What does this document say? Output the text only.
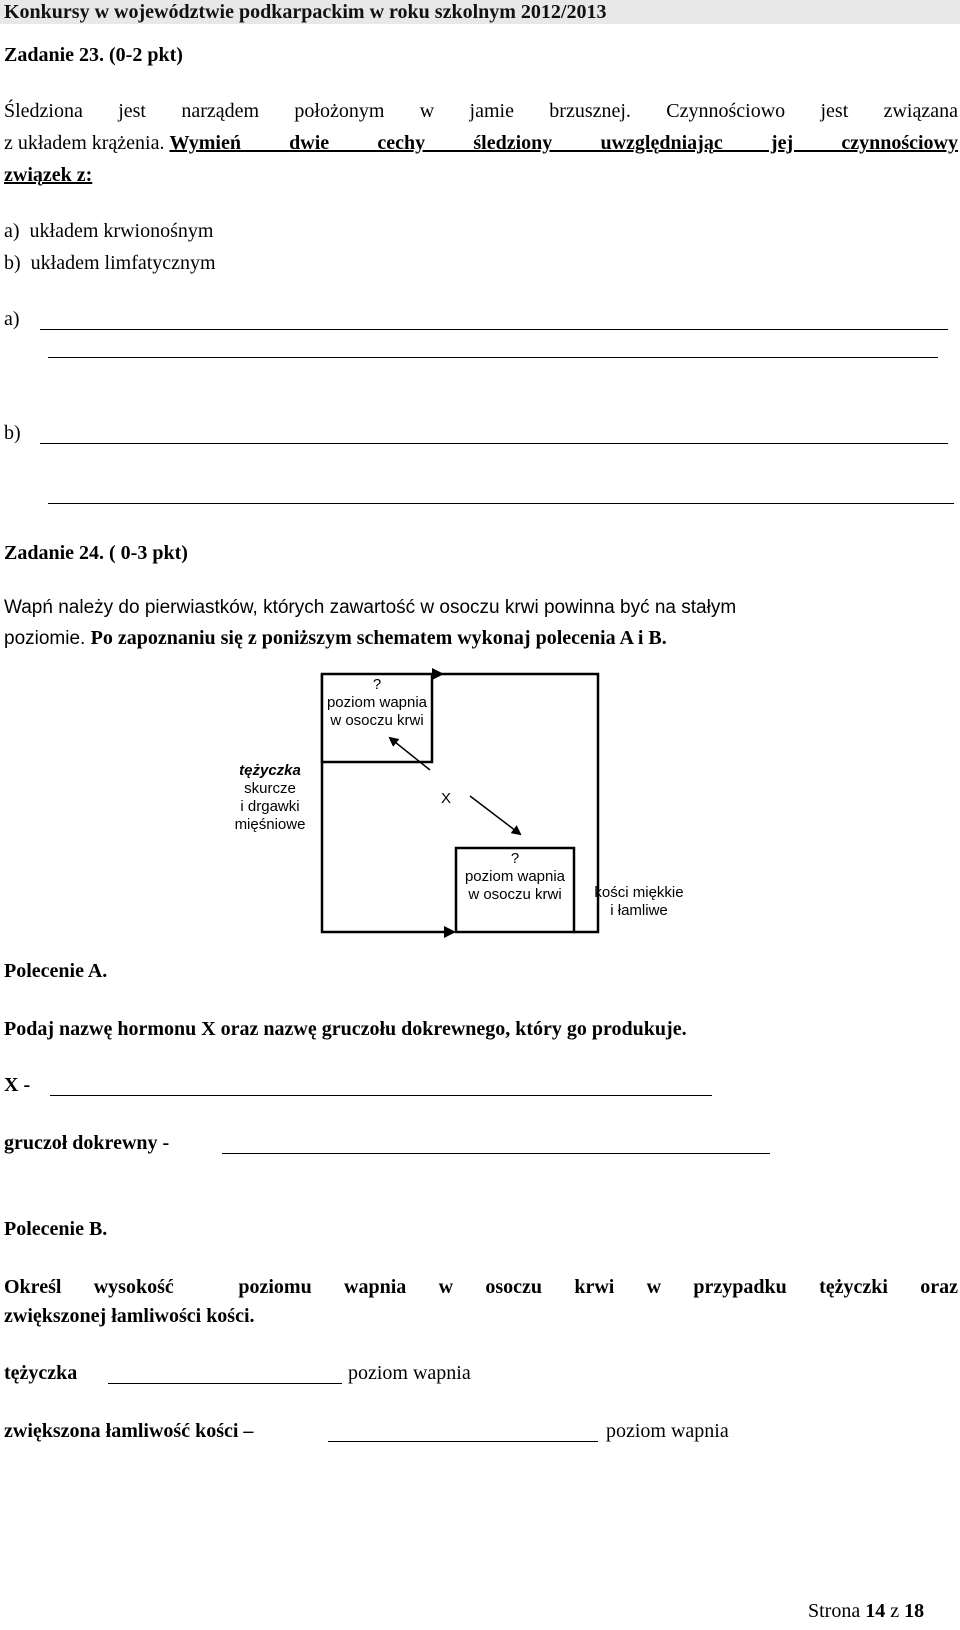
Konkursy w województwie podkarpackim w roku szkolnym 2012/2013
Zadanie 23. (0-2 pkt)
Śledziona jest narządem położonym w jamie brzusznej. Czynnościowo jest związana
z układem krążenia. Wymień dwie cechy śledziony uwzględniając jej czynnościowy
związek z:
a)  układem krwionośnym
b)  układem limfatycznym
a)
b)
Zadanie 24. ( 0-3 pkt)
Wapń należy do pierwiastków, których zawartość w osoczu krwi powinna być na stałym
poziomie. Po zapoznaniu się z poniższym schematem wykonaj polecenia A i B.
?
poziom wapnia
w osoczu krwi
tężyczka
skurcze
i drgawki
mięśniowe
X
?
poziom wapnia
w osoczu krwi	kości miękkie
i łamliwe
Polecenie A.
Podaj nazwę hormonu X oraz nazwę gruczołu dokrewnego, który go produkuje.
X -
gruczoł dokrewny -
Polecenie B.
Określ wysokość  poziomu wapnia w osoczu krwi w przypadku tężyczki oraz
zwiększonej łamliwości kości.
tężyczka	poziom wapnia
zwiększona łamliwość kości –	poziom wapnia
Strona 14 z 18
